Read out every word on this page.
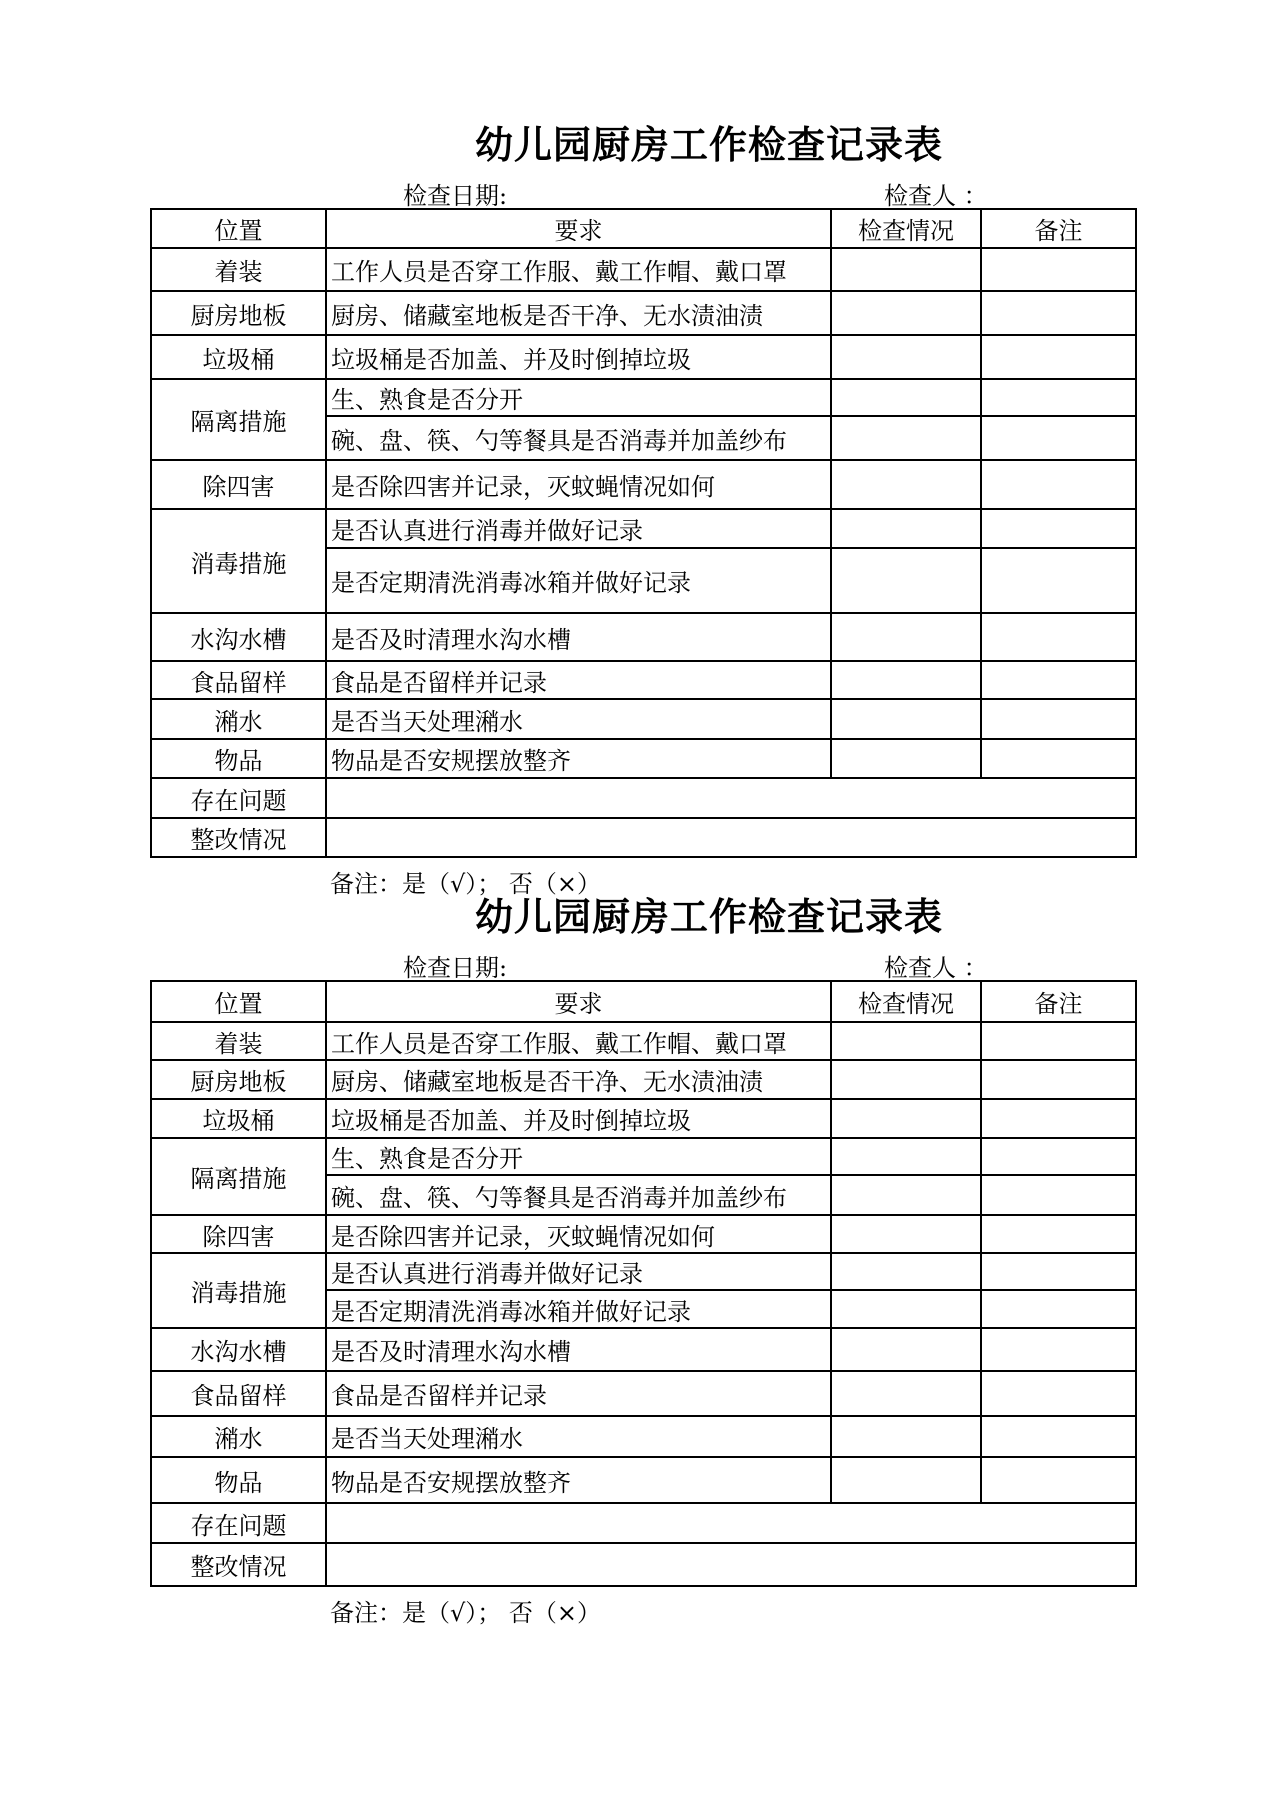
幼儿园厨房工作检查记录表
检查日期:	检查人 ：
位置	要求	检查情况	备注
着装	工作人员是否穿工作服、戴工作帽、戴口罩		
厨房地板	厨房、储藏室地板是否干净、无水渍油渍		
垃圾桶	垃圾桶是否加盖、并及时倒掉垃圾		
隔离措施	生、熟食是否分开		
	碗、盘、筷、勺等餐具是否消毒并加盖纱布		
除四害	是否除四害并记录，灭蚊蝇情况如何		
消毒措施	是否认真进行消毒并做好记录		
	是否定期清洗消毒冰箱并做好记录		
水沟水槽	是否及时清理水沟水槽		
食品留样	食品是否留样并记录		
潲水	是否当天处理潲水		
物品	物品是否安规摆放整齐		
存在问题			
整改情况			
备注：是（√）； 否（×）
幼儿园厨房工作检查记录表
检查日期:	检查人 ：
位置	要求	检查情况	备注
着装	工作人员是否穿工作服、戴工作帽、戴口罩		
厨房地板	厨房、储藏室地板是否干净、无水渍油渍		
垃圾桶	垃圾桶是否加盖、并及时倒掉垃圾		
隔离措施	生、熟食是否分开		
	碗、盘、筷、勺等餐具是否消毒并加盖纱布		
除四害	是否除四害并记录，灭蚊蝇情况如何		
消毒措施	是否认真进行消毒并做好记录		
	是否定期清洗消毒冰箱并做好记录		
水沟水槽	是否及时清理水沟水槽		
食品留样	食品是否留样并记录		
潲水	是否当天处理潲水		
物品	物品是否安规摆放整齐		
存在问题			
整改情况			
备注：是（√）； 否（×）
